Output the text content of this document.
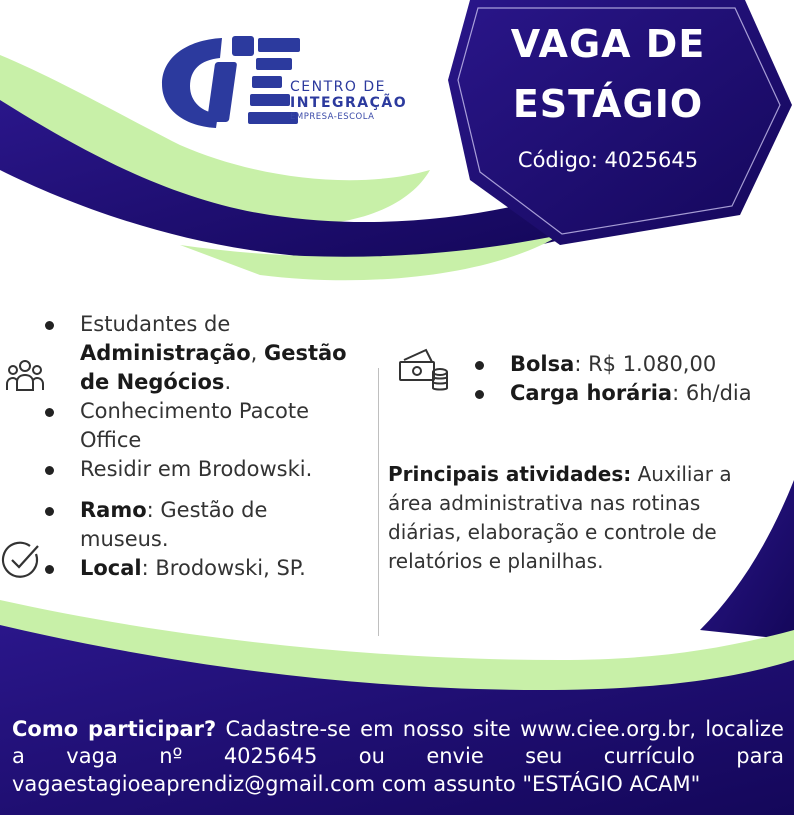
CENTRO DE
INTEGRAÇÃO
EMPRESA-ESCOLA
VAGA DE
ESTÁGIO
Código: 4025645
Estudantes de Administração, Gestão de Negócios.
Conhecimento Pacote Office
Residir em Brodowski.
Ramo: Gestão de museus.
Local: Brodowski, SP.
Bolsa: R$ 1.080,00
Carga horária: 6h/dia
Principais atividades: Auxiliar a área administrativa nas rotinas diárias, elaboração e controle de relatórios e planilhas.
Como participar? Cadastre-se em nosso site www.ciee.org.br, localize a vaga nº 4025645 ou envie seu currículo para vagaestagioeaprendiz@gmail.com com assunto "ESTÁGIO ACAM"
